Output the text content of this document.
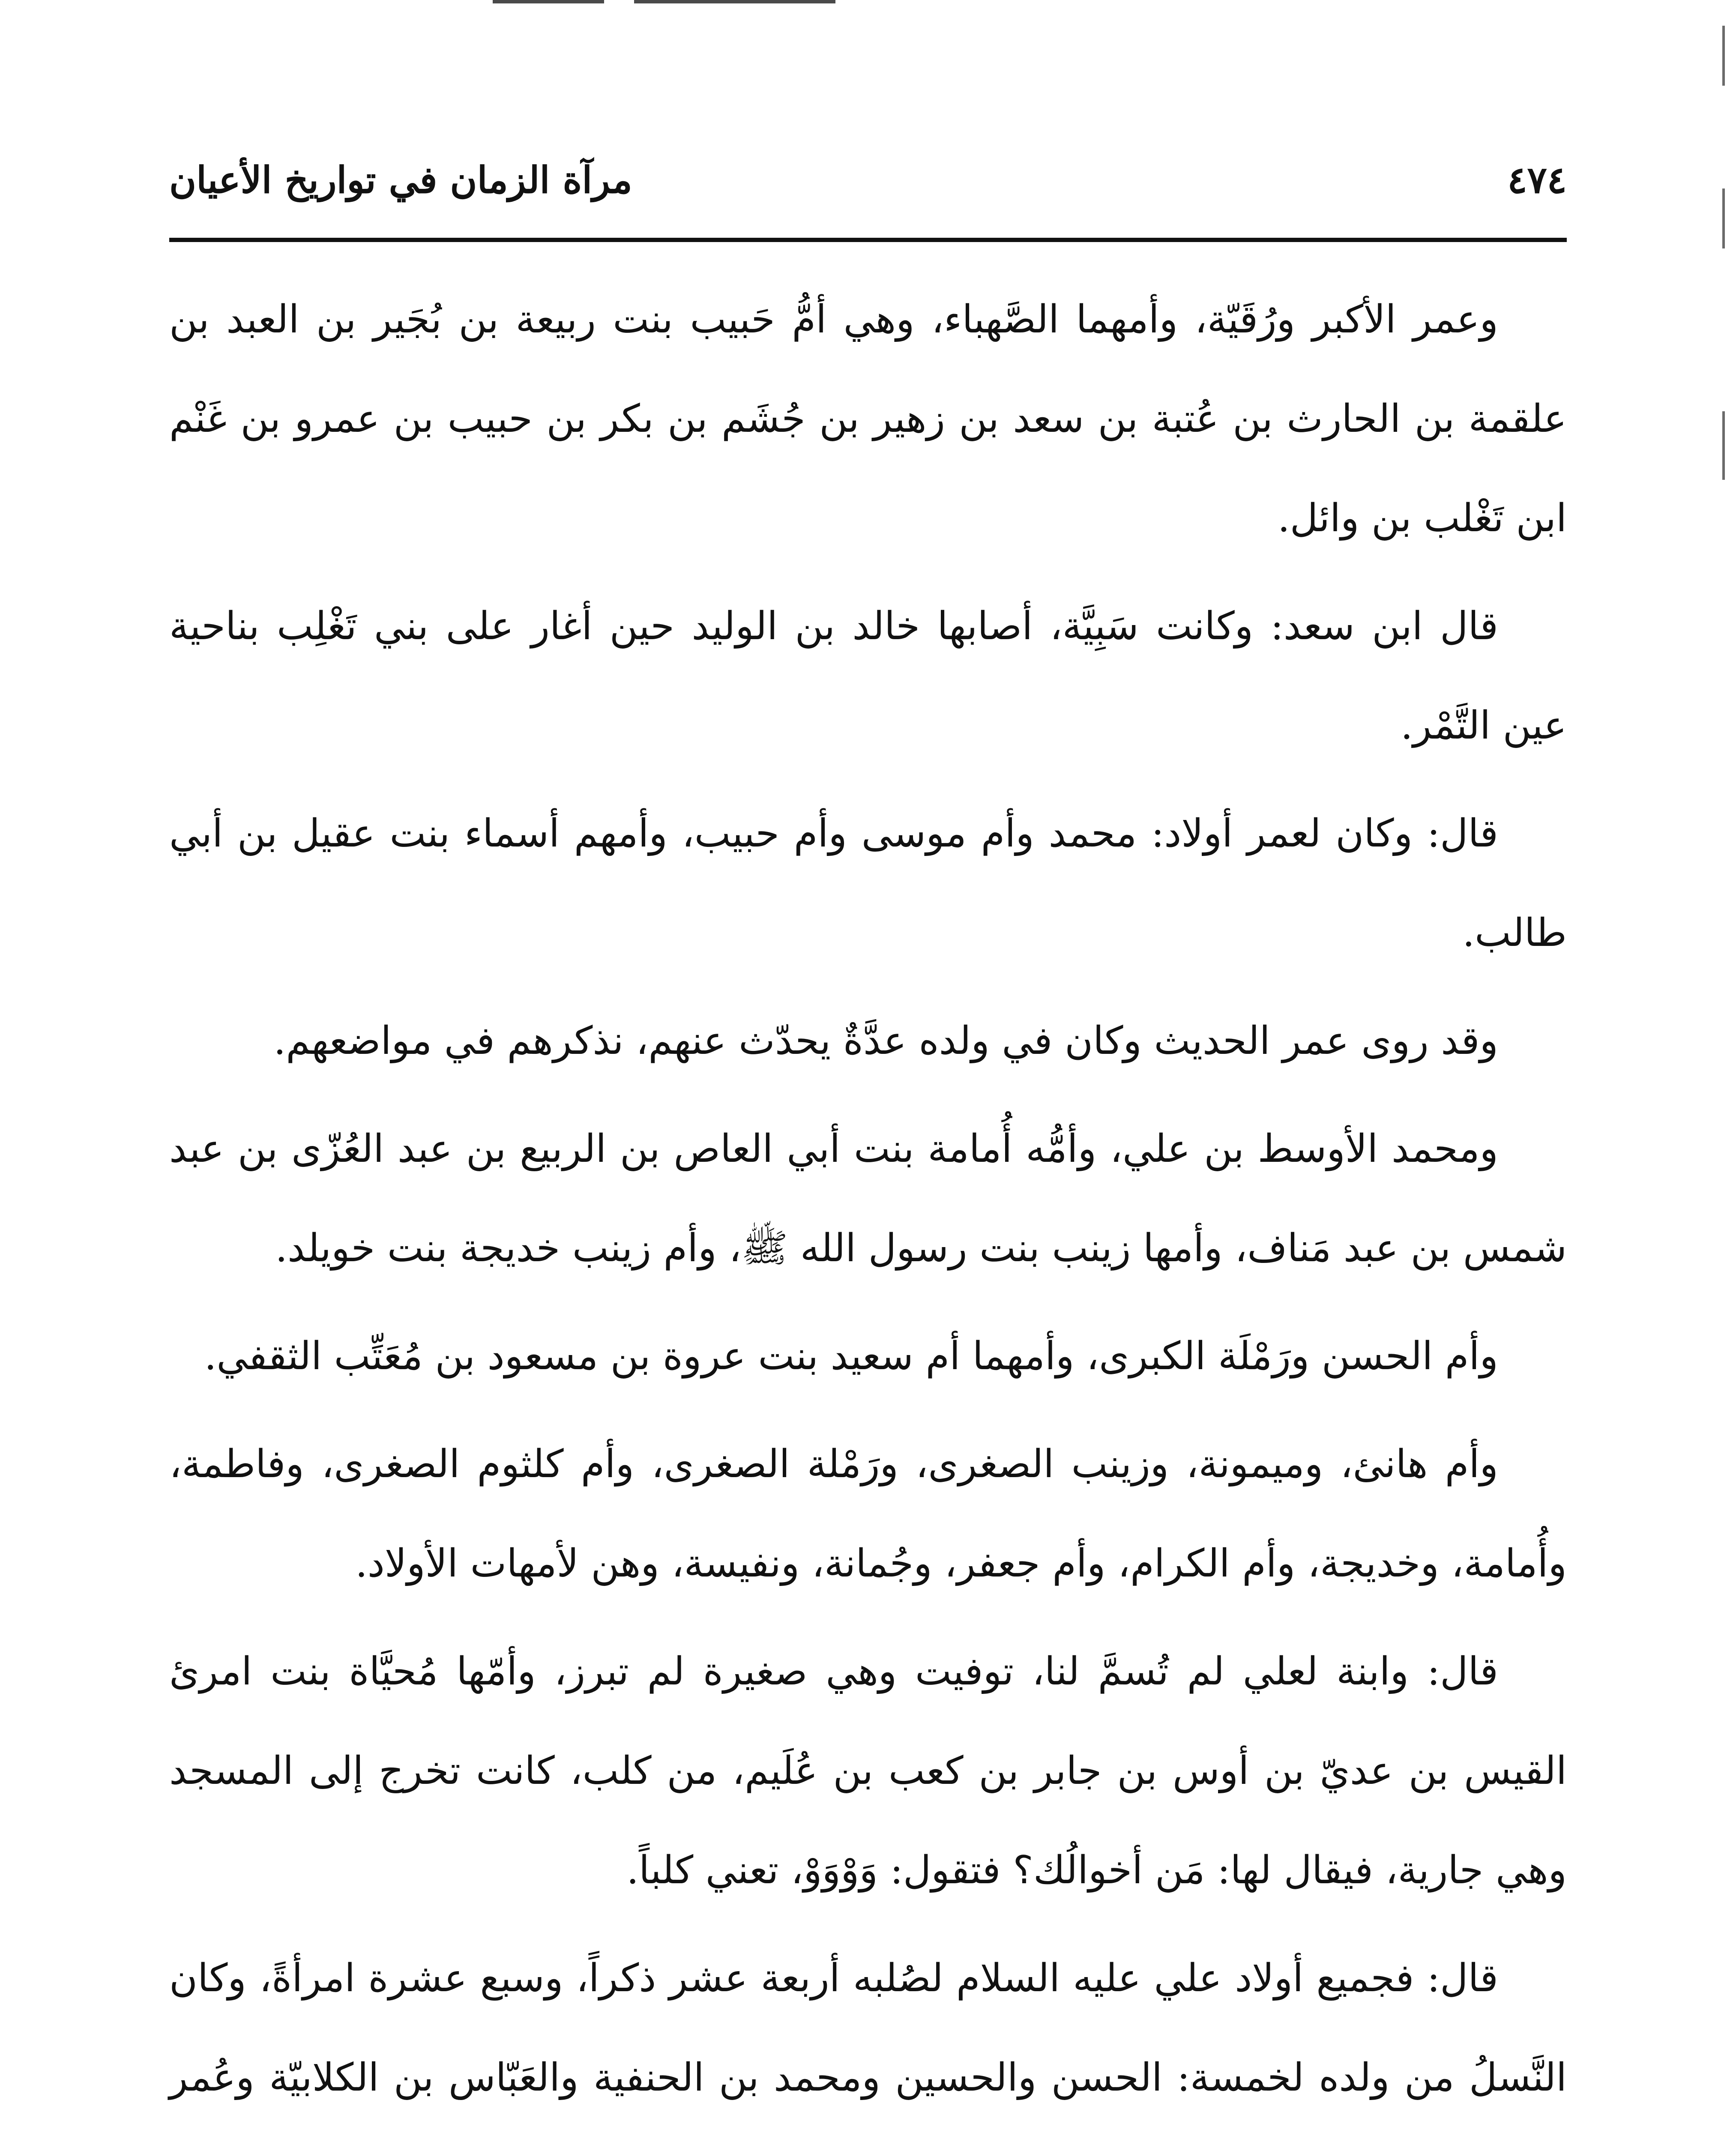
٤٧٤
مرآة الزمان في تواريخ الأعيان

وعمر الأكبر ورُقَيّة، وأمهما الصَّهباء، وهي أمُّ حَبيب بنت ربيعة بن بُجَير بن العبد بن علقمة بن الحارث بن عُتبة بن سعد بن زهير بن جُشَم بن بكر بن حبيب بن عمرو بن غَنْم ابن تَغْلب بن وائل.

قال ابن سعد: وكانت سَبِيَّة، أصابها خالد بن الوليد حين أغار على بني تَغْلِب بناحية عين التَّمْر.

قال: وكان لعمر أولاد: محمد وأم موسى وأم حبيب، وأمهم أسماء بنت عقيل بن أبي طالب.

وقد روى عمر الحديث وكان في ولده عدَّةٌ يحدّث عنهم، نذكرهم في مواضعهم.

ومحمد الأوسط بن علي، وأمُّه أُمامة بنت أبي العاص بن الربيع بن عبد العُزّى بن عبد شمس بن عبد مَناف، وأمها زينب بنت رسول الله ﷺ، وأم زينب خديجة بنت خويلد.

وأم الحسن ورَمْلَة الكبرى، وأمهما أم سعيد بنت عروة بن مسعود بن مُعَتِّب الثقفي.

وأم هانئ، وميمونة، وزينب الصغرى، ورَمْلة الصغرى، وأم كلثوم الصغرى، وفاطمة، وأُمامة، وخديجة، وأم الكرام، وأم جعفر، وجُمانة، ونفيسة، وهن لأمهات الأولاد.

قال: وابنة لعلي لم تُسمَّ لنا، توفيت وهي صغيرة لم تبرز، وأمّها مُحيَّاة بنت امرئ القيس بن عديّ بن أوس بن جابر بن كعب بن عُلَيم، من كلب، كانت تخرج إلى المسجد وهي جارية، فيقال لها: مَن أخوالُك؟ فتقول: وَوْوَوْ، تعني كلباً.

قال: فجميع أولاد علي عليه السلام لصُلبه أربعة عشر ذكراً، وسبع عشرة امرأةً، وكان النَّسلُ من ولده لخمسة: الحسن والحسين ومحمد بن الحنفية والعَبّاس بن الكلابيّة وعُمر
